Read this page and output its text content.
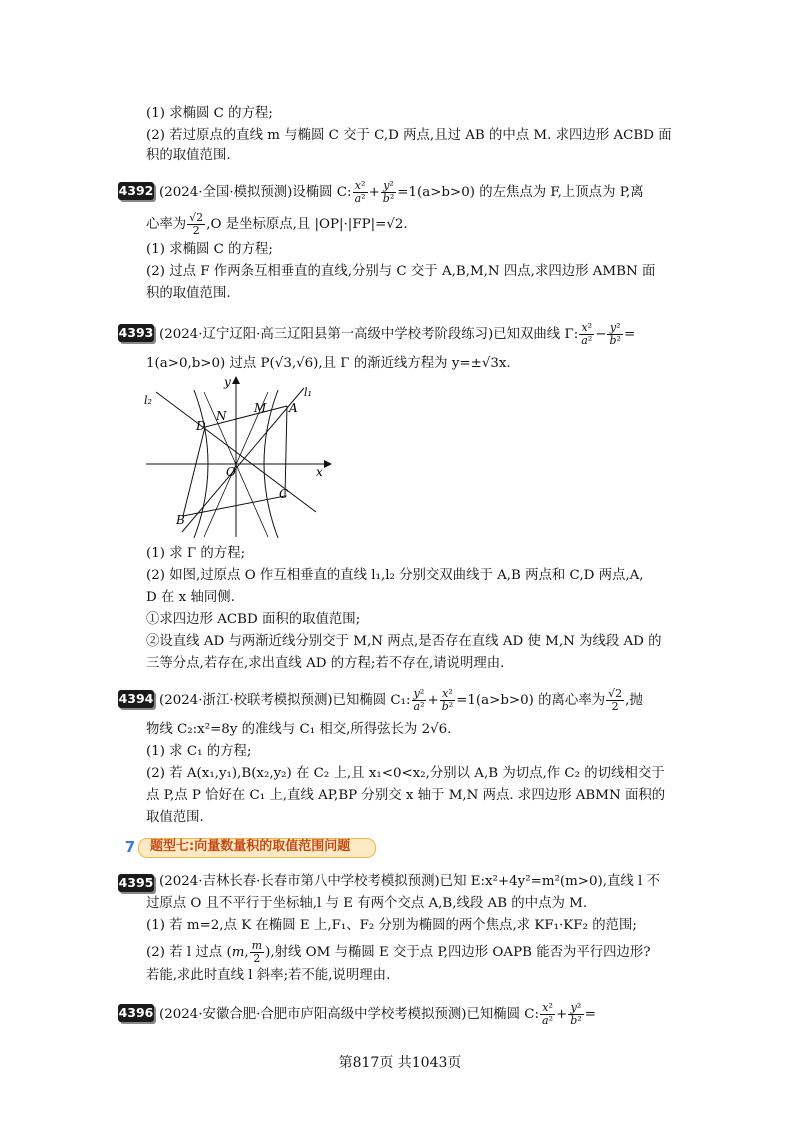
(1) 求椭圆 C 的方程;
(2) 若过原点的直线 m 与椭圆 C 交于 C,D 两点,且过 AB 的中点 M. 求四边形 ACBD 面
积的取值范围.
4392 (2024·全国·模拟预测)设椭圆 C: $\frac{\text{x²}}{\text{a²}} + \frac{\text{y²}}{\text{b²}} =1(a>b>0)$ 的左焦点为 F,上顶点为 P,离
心率为 $\frac{√2}{2} ,O$ 是坐标原点,且 |OP|·|FP|=√2.
(1) 求椭圆 C 的方程;
(2) 过点 F 作两条互相垂直的直线,分别与 C 交于 A,B,M,N 四点,求四边形 AMBN 面
积的取值范围.
4393 (2024·辽宁辽阳·高三辽阳县第一高级中学校考阶段练习)已知双曲线 Γ: $\frac{\text{x²}}{\text{a²}} - \frac{\text{y²}}{\text{b²}}$ =
1(a>0,b>0) 过点 P(√3,√6),且 Γ 的渐近线方程为 y=±√3x.
y
x
l₁
l₂
O
A
B
C
D
M
N
(1) 求 Γ 的方程;
(2) 如图,过原点 O 作互相垂直的直线 l₁,l₂ 分别交双曲线于 A,B 两点和 C,D 两点,A,
D 在 x 轴同侧.
①求四边形 ACBD 面积的取值范围;
②设直线 AD 与两渐近线分别交于 M,N 两点,是否存在直线 AD 使 M,N 为线段 AD 的
三等分点,若存在,求出直线 AD 的方程;若不存在,请说明理由.
4394 (2024·浙江·校联考模拟预测)已知椭圆 C₁: $\frac{\text{y²}}{\text{a²}} + \frac{\text{x²}}{\text{b²}} =1(a>b>0)$ 的离心率为 $\frac{√2}{2}$ ,抛
物线 C₂:x²=8y 的准线与 C₁ 相交,所得弦长为 2√6.
(1) 求 C₁ 的方程;
(2) 若 A(x₁,y₁),B(x₂,y₂) 在 C₂ 上,且 x₁<0<x₂,分别以 A,B 为切点,作 C₂ 的切线相交于
点 P,点 P 恰好在 C₁ 上,直线 AP,BP 分别交 x 轴于 M,N 两点. 求四边形 ABMN 面积的
取值范围.
7	题型七:向量数量积的取值范围问题
4395 (2024·吉林长春·长春市第八中学校考模拟预测)已知 E:x²+4y²=m²(m>0),直线 l 不
过原点 O 且不平行于坐标轴,l 与 E 有两个交点 A,B,线段 AB 的中点为 M.
(1) 若 m=2,点 K 在椭圆 E 上,F₁、F₂ 分别为椭圆的两个焦点,求 KF₁·KF₂ 的范围;
(2) 若 l 过点 (m, $\frac{m}{2}$ ),射线 OM 与椭圆 E 交于点 P,四边形 OAPB 能否为平行四边形?
若能,求此时直线 l 斜率;若不能,说明理由.
4396 (2024·安徽合肥·合肥市庐阳高级中学校考模拟预测)已知椭圆 C: $\frac{\text{x²}}{\text{a²}} + \frac{\text{y²}}{\text{b²}}$ =
第817页 共1043页
